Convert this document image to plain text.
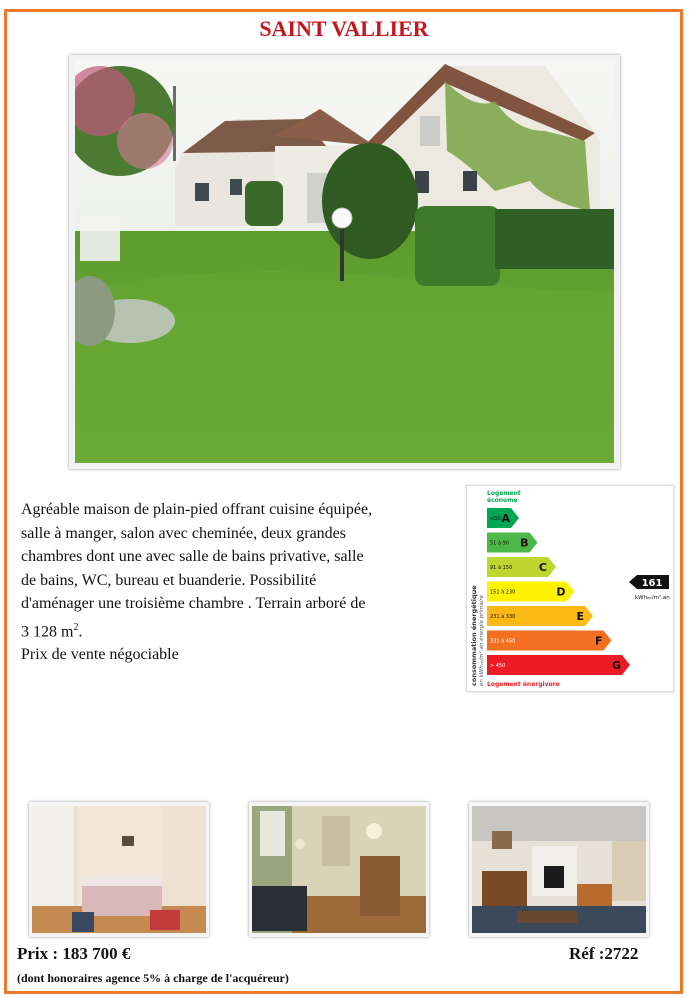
SAINT VALLIER

Agréable maison de plain-pied offrant cuisine équipée,

salle à manger, salon avec cheminée, deux grandes

chambres dont une avec salle de bains privative, salle

de bains, WC, bureau et buanderie. Possibilité

d'aménager une troisième chambre . Terrain arboré de

3 128 $m^2$.

Prix de vente négociable

Logement
économe
consommation énergétique en kWhₑₚ/m².an énergie primaire
≤50 A
51 à 90 B
91 à 150 C
151 à 230	D
231 à 330	E
331 à 450	F
> 450	G
Logement énergivore
161
kWhₑₚ/m².an
Prix : 183 700 €	Réf :2722
(dont honoraires agence 5% à charge de l'acquéreur)
